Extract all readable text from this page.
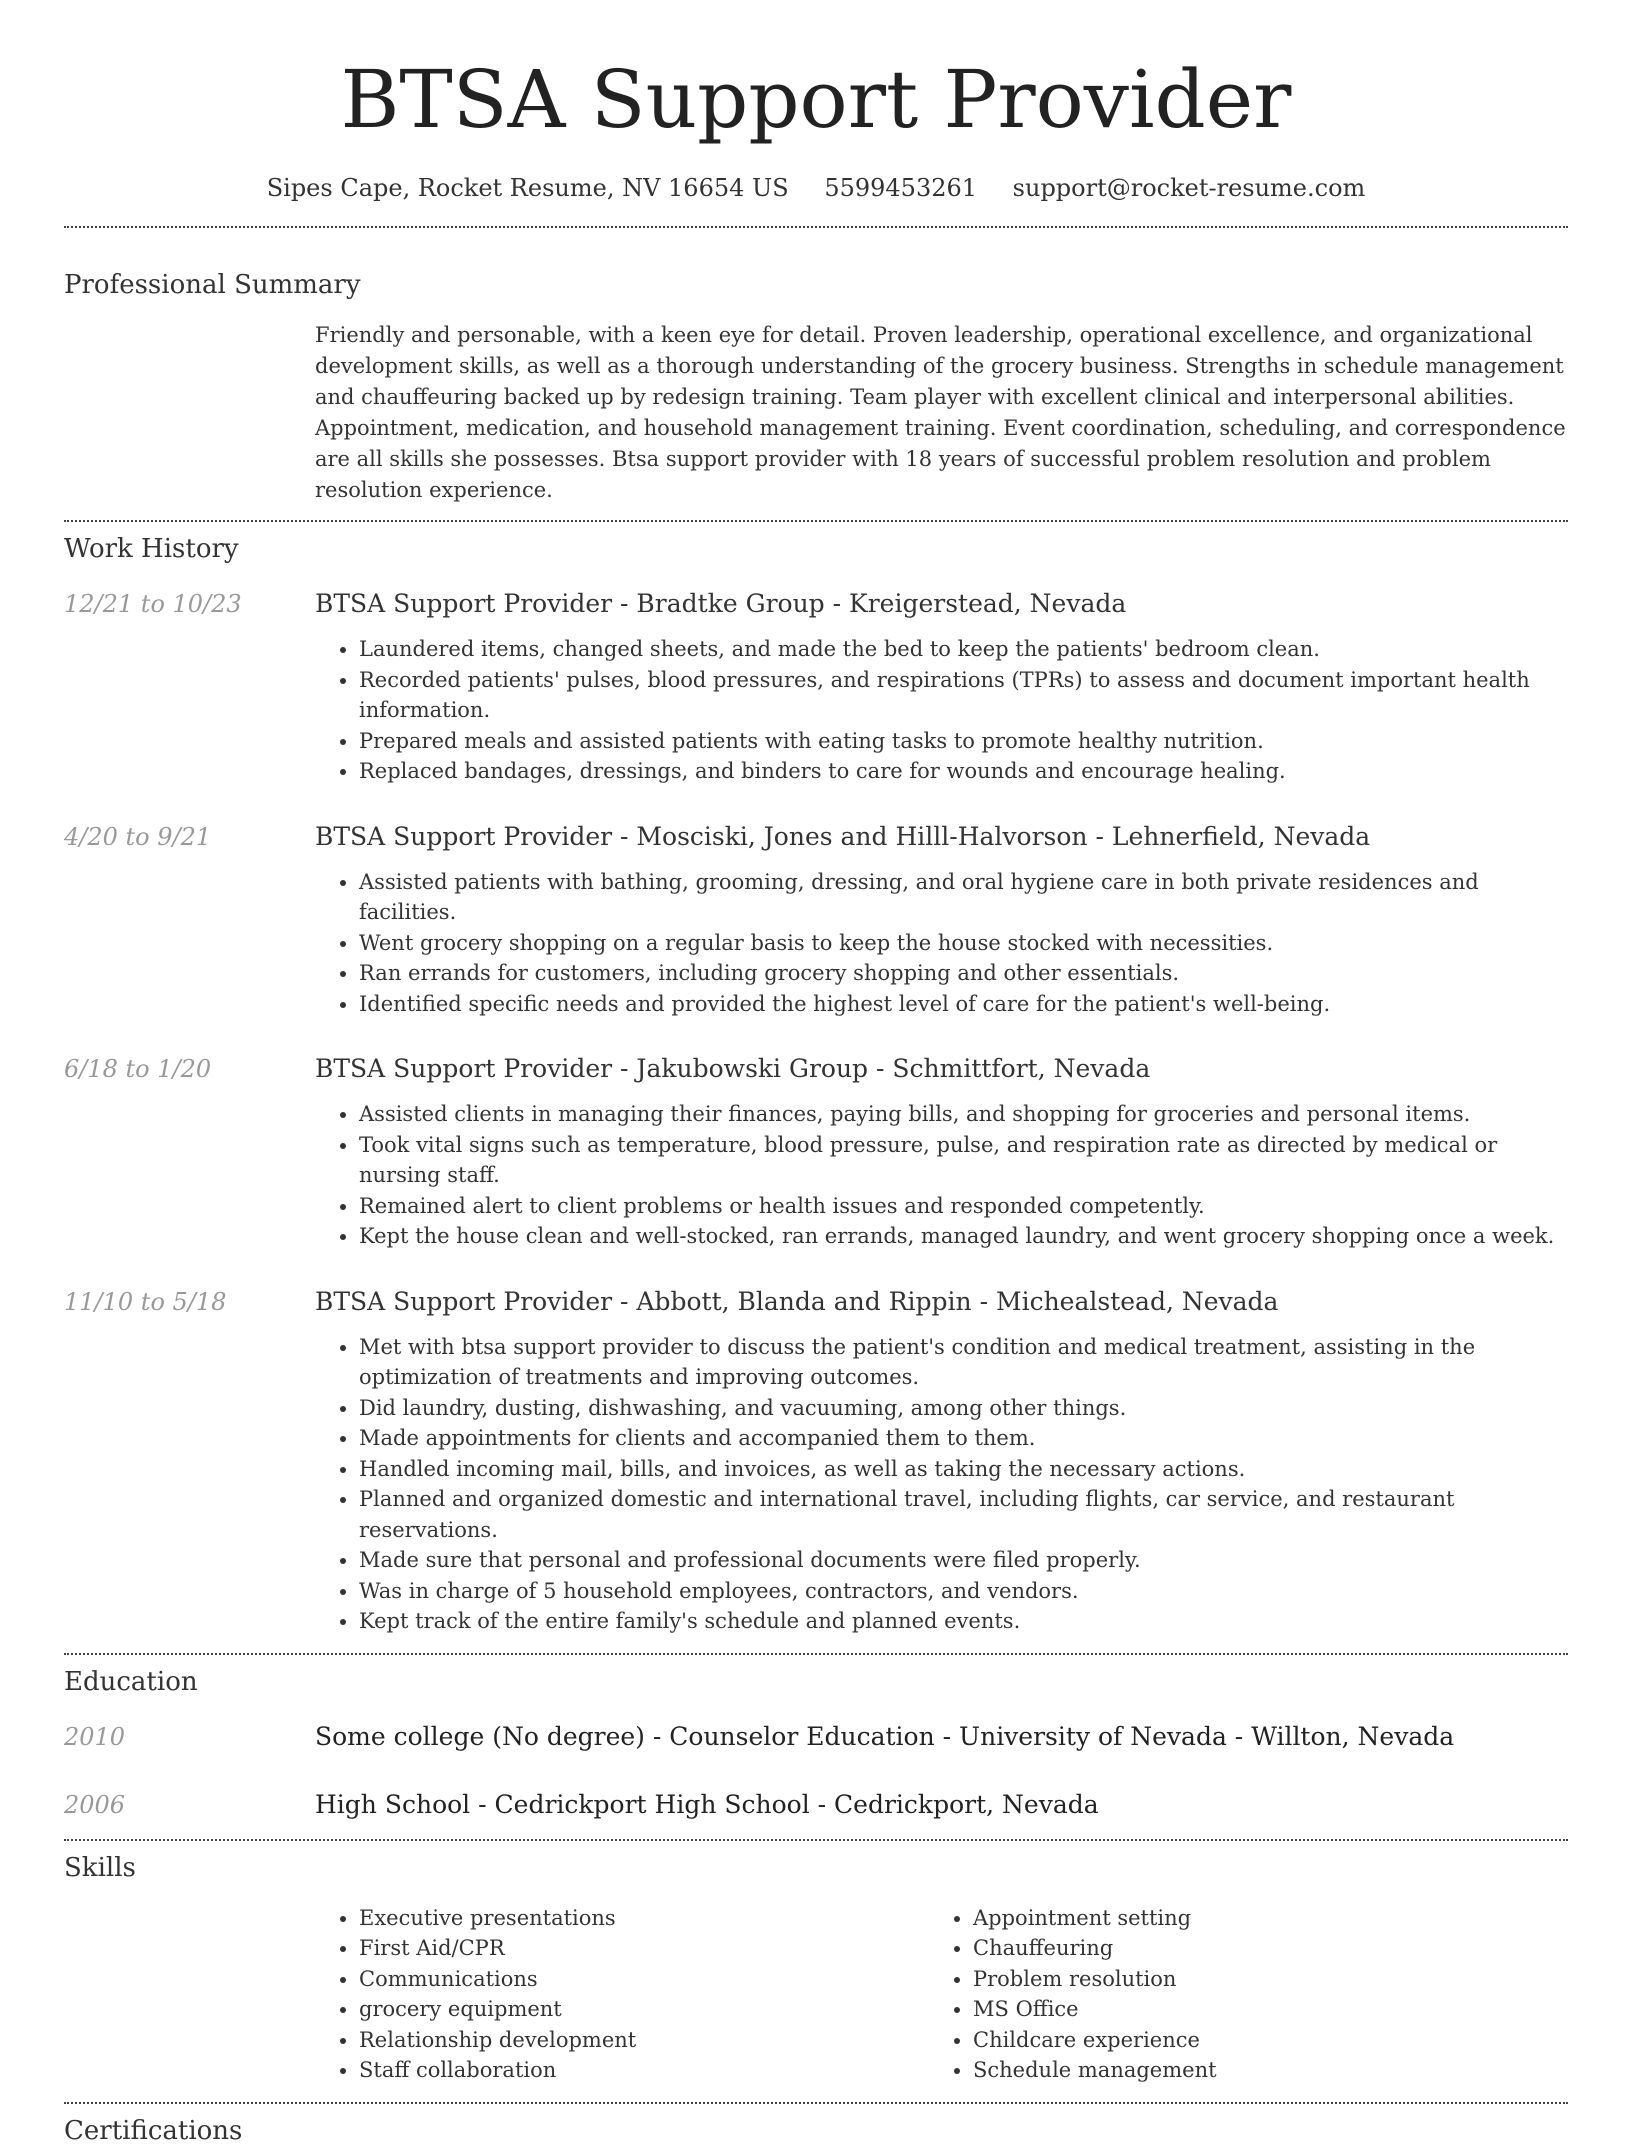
BTSA Support Provider
Sipes Cape, Rocket Resume, NV 16654 US 5599453261 support@rocket-resume.com
Professional Summary

Friendly and personable, with a keen eye for detail. Proven leadership, operational excellence, and organizational development skills, as well as a thorough understanding of the grocery business. Strengths in schedule management and chauffeuring backed up by redesign training. Team player with excellent clinical and interpersonal abilities. Appointment, medication, and household management training. Event coordination, scheduling, and correspondence are all skills she possesses. Btsa support provider with 18 years of successful problem resolution and problem resolution experience.

Work History
12/21 to 10/23	BTSA Support Provider - Bradtke Group - Kreigerstead, Nevada
• Laundered items, changed sheets, and made the bed to keep the patients' bedroom clean.
• Recorded patients' pulses, blood pressures, and respirations (TPRs) to assess and document important health information.
• Prepared meals and assisted patients with eating tasks to promote healthy nutrition.
• Replaced bandages, dressings, and binders to care for wounds and encourage healing.
4/20 to 9/21	BTSA Support Provider - Mosciski, Jones and Hilll-Halvorson - Lehnerfield, Nevada
• Assisted patients with bathing, grooming, dressing, and oral hygiene care in both private residences and facilities.
• Went grocery shopping on a regular basis to keep the house stocked with necessities.
• Ran errands for customers, including grocery shopping and other essentials.
• Identified specific needs and provided the highest level of care for the patient's well-being.
6/18 to 1/20	BTSA Support Provider - Jakubowski Group - Schmittfort, Nevada
• Assisted clients in managing their finances, paying bills, and shopping for groceries and personal items.
• Took vital signs such as temperature, blood pressure, pulse, and respiration rate as directed by medical or nursing staff.
• Remained alert to client problems or health issues and responded competently.
• Kept the house clean and well-stocked, ran errands, managed laundry, and went grocery shopping once a week.
11/10 to 5/18	BTSA Support Provider - Abbott, Blanda and Rippin - Michealstead, Nevada
• Met with btsa support provider to discuss the patient's condition and medical treatment, assisting in the optimization of treatments and improving outcomes.
• Did laundry, dusting, dishwashing, and vacuuming, among other things.
• Made appointments for clients and accompanied them to them.
• Handled incoming mail, bills, and invoices, as well as taking the necessary actions.
• Planned and organized domestic and international travel, including flights, car service, and restaurant reservations.
• Made sure that personal and professional documents were filed properly.
• Was in charge of 5 household employees, contractors, and vendors.
• Kept track of the entire family's schedule and planned events.
Education
2010	Some college (No degree) - Counselor Education - University of Nevada - Willton, Nevada
2006	High School - Cedrickport High School - Cedrickport, Nevada
Skills
• Executive presentations
• First Aid/CPR
• Communications
• grocery equipment
• Relationship development
• Staff collaboration
• Appointment setting
• Chauffeuring
• Problem resolution
• MS Office
• Childcare experience
• Schedule management
Certifications
